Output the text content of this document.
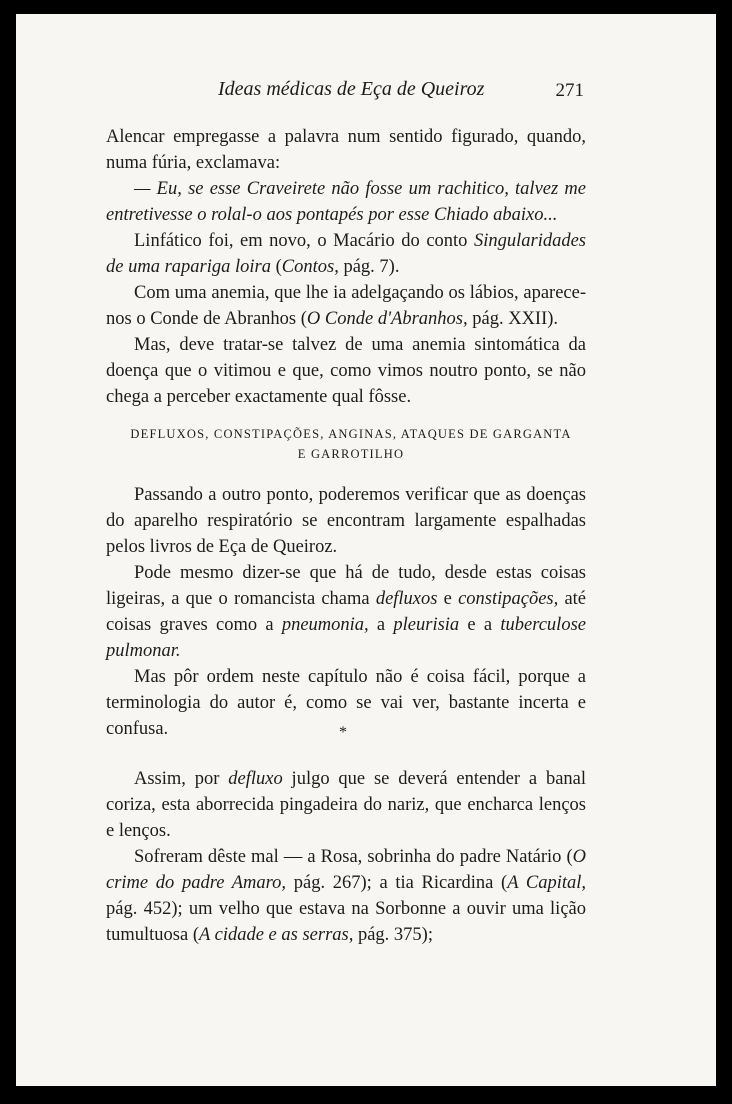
Ideas médicas de Eça de Queiroz	271

Alencar empregasse a palavra num sentido figurado, quando, numa fúria, exclamava:

— Eu, se esse Craveirete não fosse um rachitico, talvez me entretivesse o rolal-o aos pontapés por esse Chiado abaixo...

Linfático foi, em novo, o Macário do conto Singularidades de uma rapariga loira (Contos, pág. 7).

Com uma anemia, que lhe ia adelgaçando os lábios, aparece-nos o Conde de Abranhos (O Conde d'Abranhos, pág. XXII).

Mas, deve tratar-se talvez de uma anemia sintomática da doença que o vitimou e que, como vimos noutro ponto, se não chega a perceber exactamente qual fôsse.

DEFLUXOS, CONSTIPAÇÕES, ANGINAS, ATAQUES DE GARGANTA
E GARROTILHO

Passando a outro ponto, poderemos verificar que as doenças do aparelho respiratório se encontram largamente espalhadas pelos livros de Eça de Queiroz.

Pode mesmo dizer-se que há de tudo, desde estas coisas ligeiras, a que o romancista chama defluxos e constipações, até coisas graves como a pneumonia, a pleurisia e a tuberculose pulmonar.

Mas pôr ordem neste capítulo não é coisa fácil, porque a terminologia do autor é, como se vai ver, bastante incerta e confusa.	*

Assim, por defluxo julgo que se deverá entender a banal coriza, esta aborrecida pingadeira do nariz, que encharca lenços e lenços.

Sofreram dêste mal — a Rosa, sobrinha do padre Natário (O crime do padre Amaro, pág. 267); a tia Ricardina (A Capital, pág. 452); um velho que estava na Sorbonne a ouvir uma lição tumultuosa (A cidade e as serras, pág. 375);
